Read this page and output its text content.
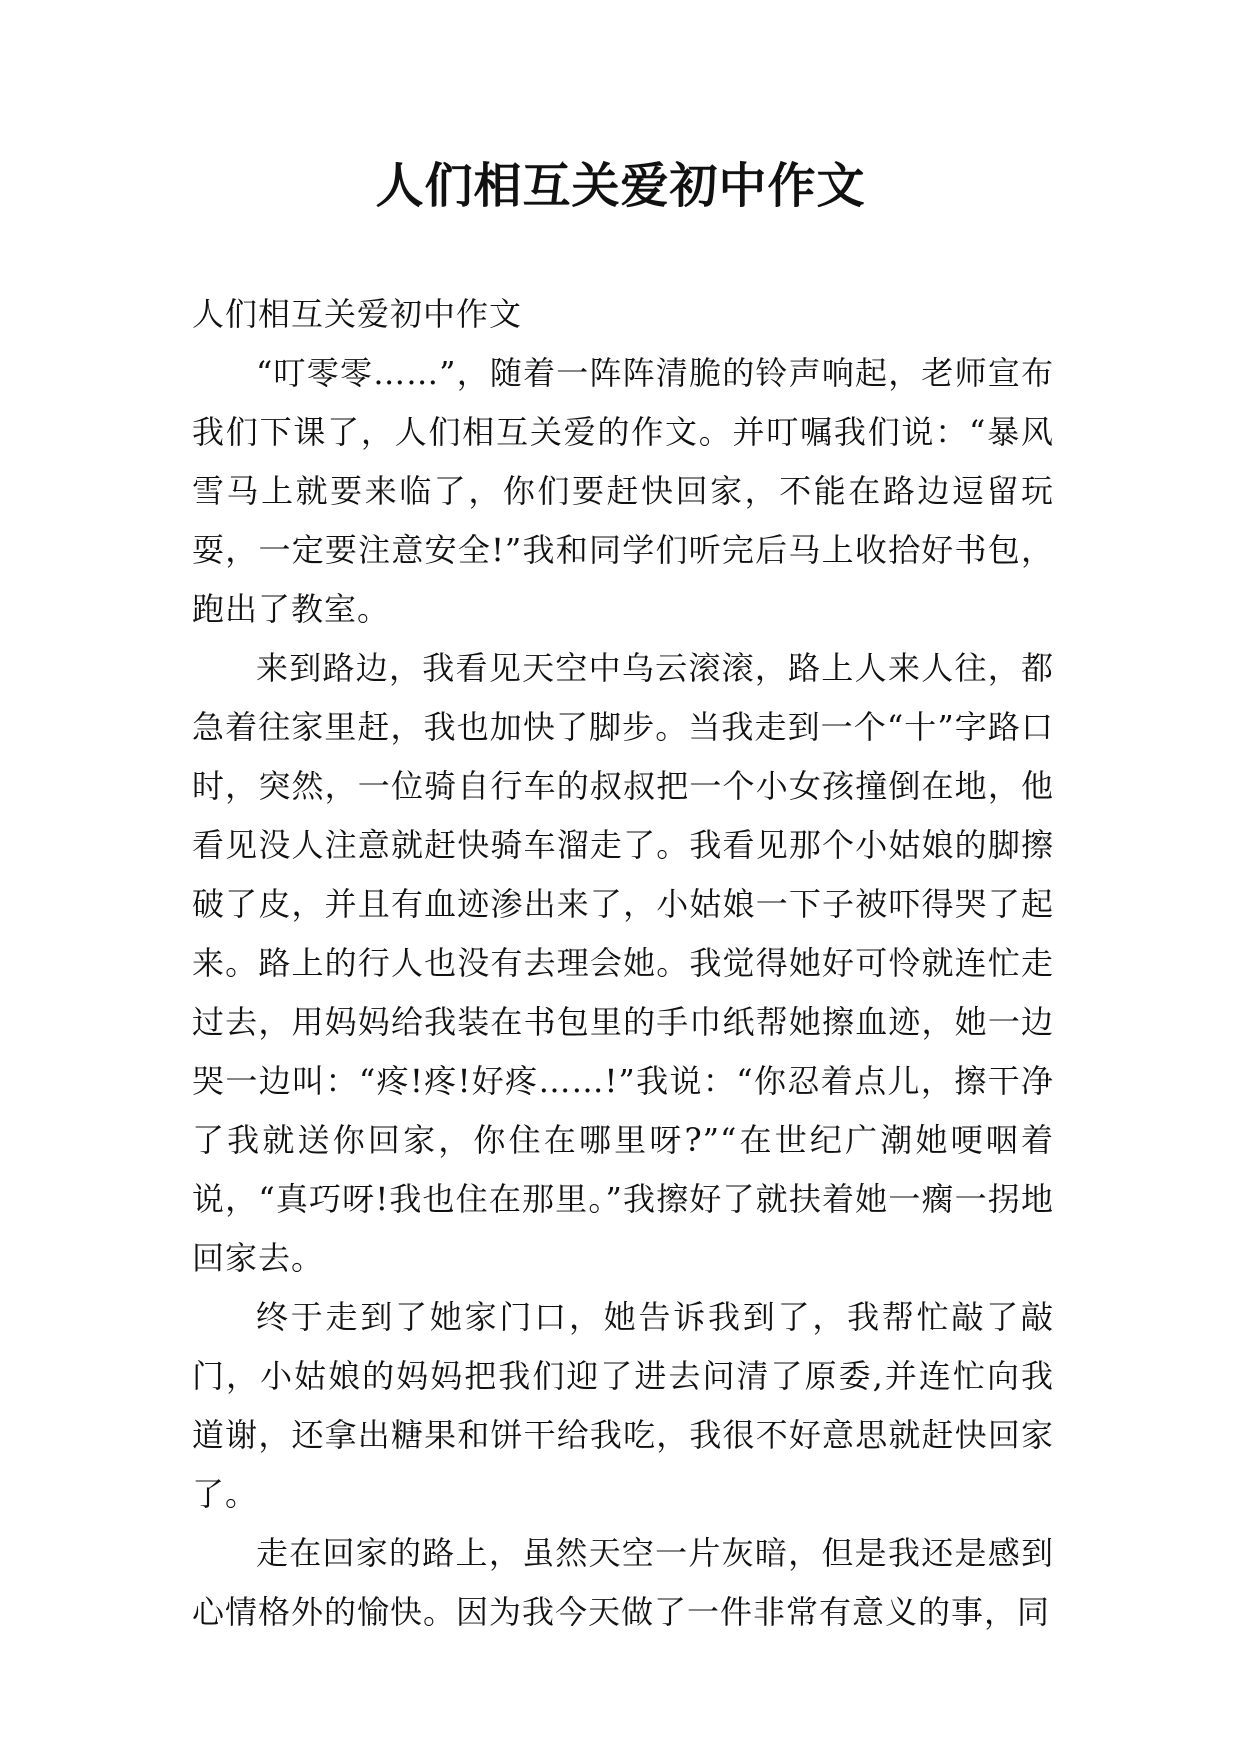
人们相互关爱初中作文

人们相互关爱初中作文

“叮零零……”，随着一阵阵清脆的铃声响起，老师宣布我们下课了，人们相互关爱的作文。并叮嘱我们说：“暴风雪马上就要来临了，你们要赶快回家，不能在路边逗留玩耍，一定要注意安全!”我和同学们听完后马上收拾好书包，跑出了教室。

来到路边，我看见天空中乌云滚滚，路上人来人往，都急着往家里赶，我也加快了脚步。当我走到一个“十”字路口时，突然，一位骑自行车的叔叔把一个小女孩撞倒在地，他看见没人注意就赶快骑车溜走了。我看见那个小姑娘的脚擦破了皮，并且有血迹渗出来了，小姑娘一下子被吓得哭了起来。路上的行人也没有去理会她。我觉得她好可怜就连忙走过去，用妈妈给我装在书包里的手巾纸帮她擦血迹，她一边哭一边叫：“疼!疼!好疼……!”我说：“你忍着点儿，擦干净了我就送你回家，你住在哪里呀?”“在世纪广潮她哽咽着说，“真巧呀!我也住在那里。”我擦好了就扶着她一瘸一拐地回家去。

终于走到了她家门口，她告诉我到了，我帮忙敲了敲门，小姑娘的妈妈把我们迎了进去问清了原委,并连忙向我道谢，还拿出糖果和饼干给我吃，我很不好意思就赶快回家了。

走在回家的路上，虽然天空一片灰暗，但是我还是感到心情格外的愉快。因为我今天做了一件非常有意义的事，同
